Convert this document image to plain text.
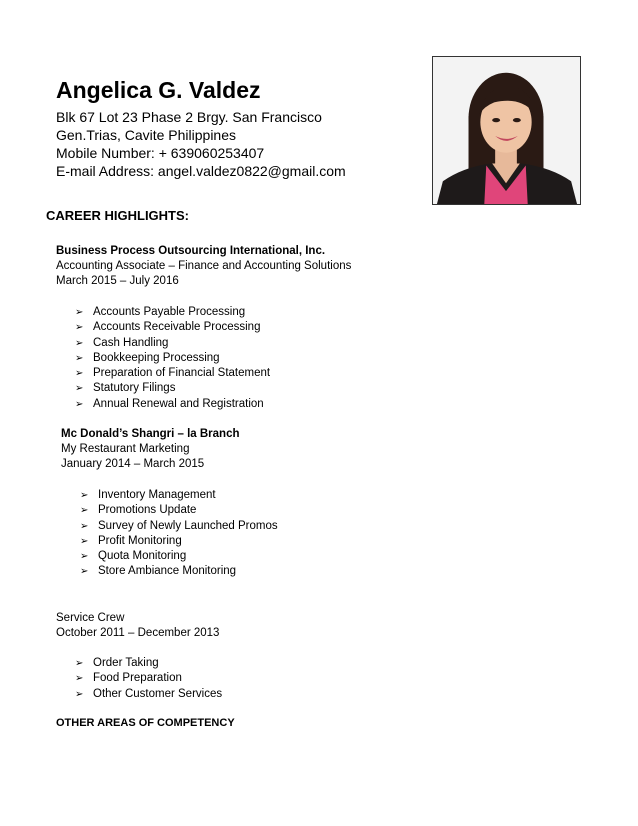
Angelica G. Valdez
Blk 67 Lot 23 Phase 2 Brgy. San Francisco
Gen.Trias, Cavite Philippines
Mobile Number: + 639060253407
E-mail Address: angel.valdez0822@gmail.com
CAREER HIGHLIGHTS:
Business Process Outsourcing International, Inc.
Accounting Associate – Finance and Accounting Solutions
March 2015 – July 2016
➢ Accounts Payable Processing
➢ Accounts Receivable Processing
➢ Cash Handling
➢ Bookkeeping Processing
➢ Preparation of Financial Statement
➢ Statutory Filings
➢ Annual Renewal and Registration
Mc Donald’s Shangri – la Branch
My Restaurant Marketing
January 2014 – March 2015
➢ Inventory Management
➢ Promotions Update
➢ Survey of Newly Launched Promos
➢ Profit Monitoring
➢ Quota Monitoring
➢ Store Ambiance Monitoring
Service Crew
October 2011 – December 2013
➢ Order Taking
➢ Food Preparation
➢ Other Customer Services
OTHER AREAS OF COMPETENCY
